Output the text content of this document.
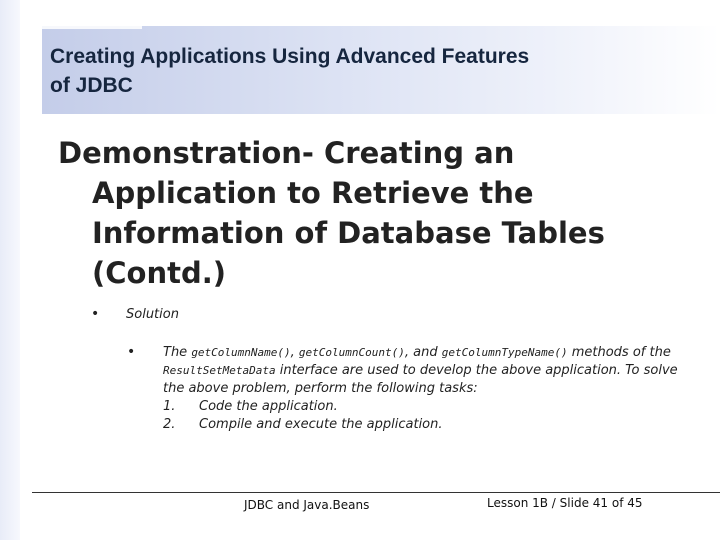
Creating Applications Using Advanced Features
of JDBC
Demonstration- Creating an
Application to Retrieve the
Information of Database Tables
(Contd.)
• Solution
• The getColumnName(), getColumnCount(), and getColumnTypeName() methods of the ResultSetMetaData interface are used to develop the above application. To solve the above problem, perform the following tasks:
1. Code the application.
2. Compile and execute the application.
JDBC and Java.Beans	Lesson 1B / Slide 41 of 45
